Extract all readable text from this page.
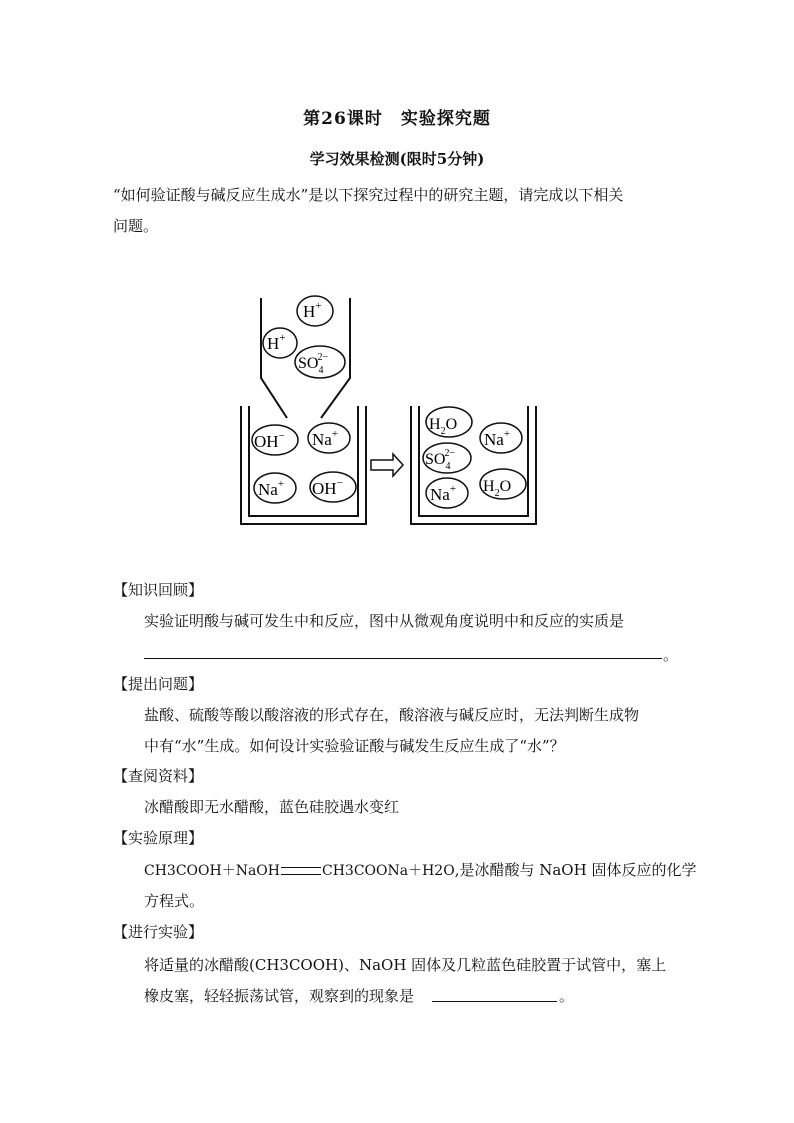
第26课时　实验探究题
学习效果检测(限时5分钟)
“如何验证酸与碱反应生成水”是以下探究过程中的研究主题，请完成以下相关
问题。
H+
H+
$SO_42-$
OH− Na+
Na+ OH−
$H_2O$
Na+
$SO_42-$
Na+ $H_2O$
【知识回顾】
实验证明酸与碱可发生中和反应，图中从微观角度说明中和反应的实质是
。
【提出问题】
盐酸、硫酸等酸以酸溶液的形式存在，酸溶液与碱反应时，无法判断生成物
中有“水”生成。如何设计实验验证酸与碱发生反应生成了“水”？
【查阅资料】
冰醋酸即无水醋酸，蓝色硅胶遇水变红
【实验原理】
CH3COOH＋NaOH	CH3COONa＋H2O,是冰醋酸与 NaOH 固体反应的化学
方程式。
【进行实验】
将适量的冰醋酸(CH3COOH)、NaOH 固体及几粒蓝色硅胶置于试管中，塞上
橡皮塞，轻轻振荡试管，观察到的现象是	。
